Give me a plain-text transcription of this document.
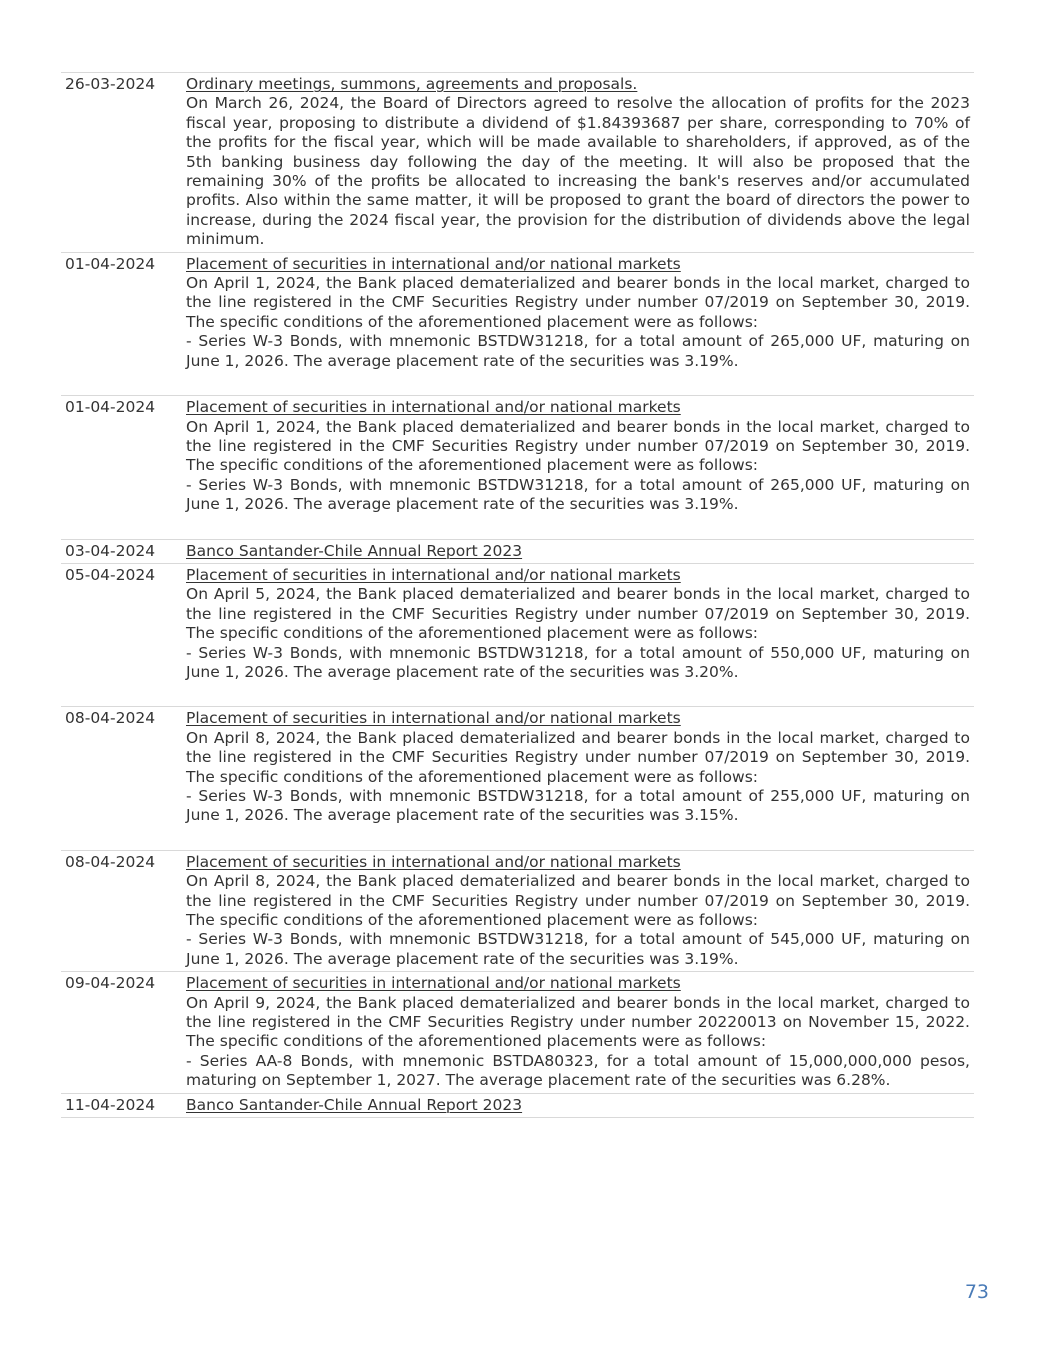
26-03-2024	Ordinary meetings, summons, agreements and proposals.
On March 26, 2024, the Board of Directors agreed to resolve the allocation of profits for the 2023 fiscal year, proposing to distribute a dividend of $1.84393687 per share, corresponding to 70% of the profits for the fiscal year, which will be made available to shareholders, if approved, as of the 5th banking business day following the day of the meeting. It will also be proposed that the remaining 30% of the profits be allocated to increasing the bank's reserves and/or accumulated profits. Also within the same matter, it will be proposed to grant the board of directors the power to increase, during the 2024 fiscal year, the provision for the distribution of dividends above the legal minimum.
01-04-2024	Placement of securities in international and/or national markets
On April 1, 2024, the Bank placed dematerialized and bearer bonds in the local market, charged to the line registered in the CMF Securities Registry under number 07/2019 on September 30, 2019. The specific conditions of the aforementioned placement were as follows:
- Series W-3 Bonds, with mnemonic BSTDW31218, for a total amount of 265,000 UF, maturing on June 1, 2026. The average placement rate of the securities was 3.19%.
01-04-2024	Placement of securities in international and/or national markets
On April 1, 2024, the Bank placed dematerialized and bearer bonds in the local market, charged to the line registered in the CMF Securities Registry under number 07/2019 on September 30, 2019. The specific conditions of the aforementioned placement were as follows:
- Series W-3 Bonds, with mnemonic BSTDW31218, for a total amount of 265,000 UF, maturing on June 1, 2026. The average placement rate of the securities was 3.19%.
03-04-2024	Banco Santander-Chile Annual Report 2023
05-04-2024	Placement of securities in international and/or national markets
On April 5, 2024, the Bank placed dematerialized and bearer bonds in the local market, charged to the line registered in the CMF Securities Registry under number 07/2019 on September 30, 2019. The specific conditions of the aforementioned placement were as follows:
- Series W-3 Bonds, with mnemonic BSTDW31218, for a total amount of 550,000 UF, maturing on June 1, 2026. The average placement rate of the securities was 3.20%.
08-04-2024	Placement of securities in international and/or national markets
On April 8, 2024, the Bank placed dematerialized and bearer bonds in the local market, charged to the line registered in the CMF Securities Registry under number 07/2019 on September 30, 2019. The specific conditions of the aforementioned placement were as follows:
- Series W-3 Bonds, with mnemonic BSTDW31218, for a total amount of 255,000 UF, maturing on June 1, 2026. The average placement rate of the securities was 3.15%.
08-04-2024	Placement of securities in international and/or national markets
On April 8, 2024, the Bank placed dematerialized and bearer bonds in the local market, charged to the line registered in the CMF Securities Registry under number 07/2019 on September 30, 2019. The specific conditions of the aforementioned placement were as follows:
- Series W-3 Bonds, with mnemonic BSTDW31218, for a total amount of 545,000 UF, maturing on June 1, 2026. The average placement rate of the securities was 3.19%.
09-04-2024	Placement of securities in international and/or national markets
On April 9, 2024, the Bank placed dematerialized and bearer bonds in the local market, charged to the line registered in the CMF Securities Registry under number 20220013 on November 15, 2022. The specific conditions of the aforementioned placements were as follows:
- Series AA-8 Bonds, with mnemonic BSTDA80323, for a total amount of 15,000,000,000 pesos, maturing on September 1, 2027. The average placement rate of the securities was 6.28%.
11-04-2024	Banco Santander-Chile Annual Report 2023
73
